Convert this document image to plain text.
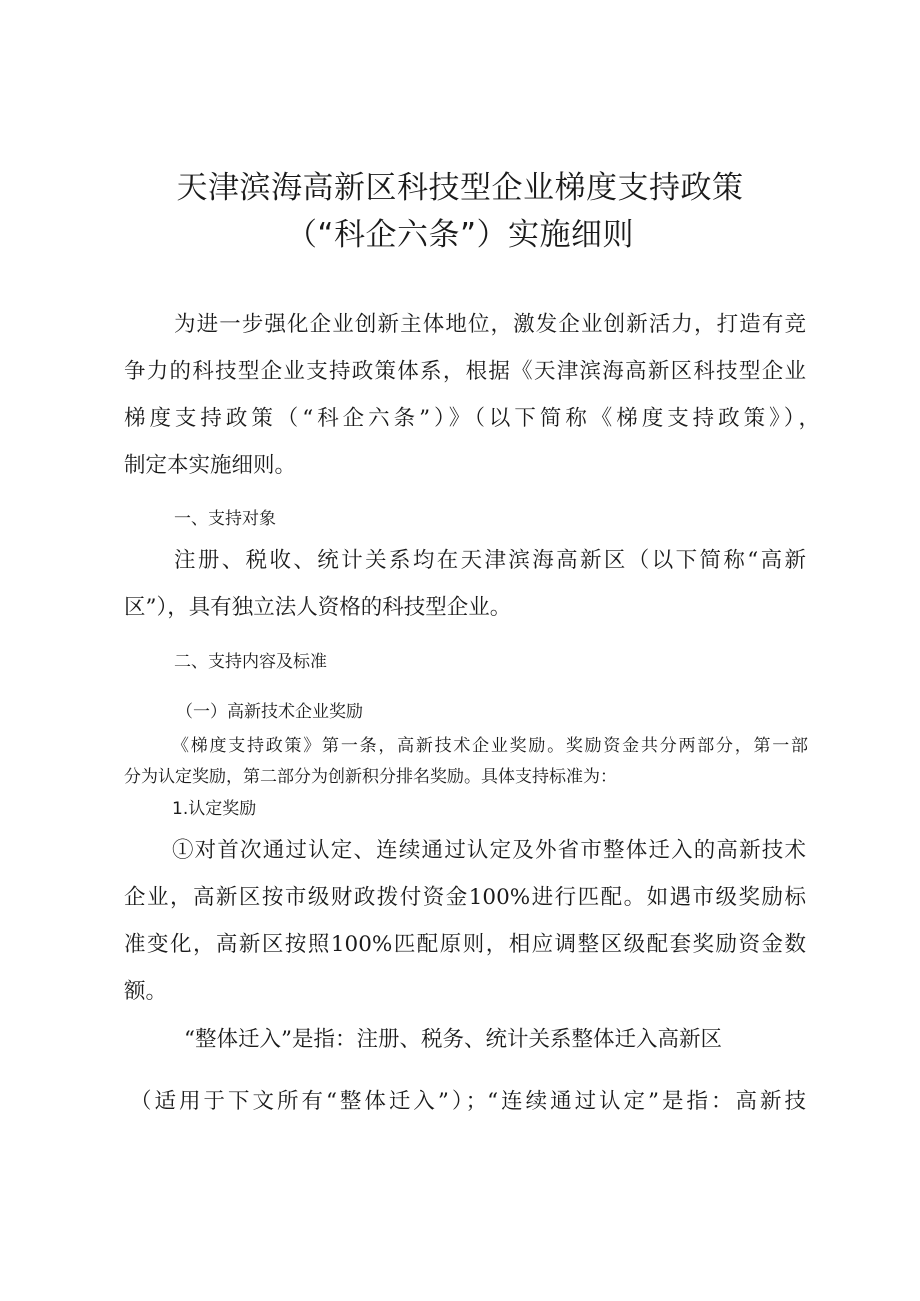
天津滨海高新区科技型企业梯度支持政策
（“科企六条”）实施细则
为进一步强化企业创新主体地位，激发企业创新活力，打造有竞
争力的科技型企业支持政策体系，根据《天津滨海高新区科技型企业
梯度支持政策（“科企六条”）》（以下简称《梯度支持政策》），
制定本实施细则。
一、支持对象
注册、税收、统计关系均在天津滨海高新区（以下简称“高新
区”），具有独立法人资格的科技型企业。
二、支持内容及标准
（一）高新技术企业奖励
《梯度支持政策》第一条，高新技术企业奖励。奖励资金共分两部分，第一部
分为认定奖励，第二部分为创新积分排名奖励。具体支持标准为：
1.认定奖励
①对首次通过认定、连续通过认定及外省市整体迁入的高新技术
企业，高新区按市级财政拨付资金100%进行匹配。如遇市级奖励标
准变化，高新区按照100%匹配原则，相应调整区级配套奖励资金数
额。
“整体迁入”是指：注册、税务、统计关系整体迁入高新区
（适用于下文所有“整体迁入”）；“连续通过认定”是指：高新技
